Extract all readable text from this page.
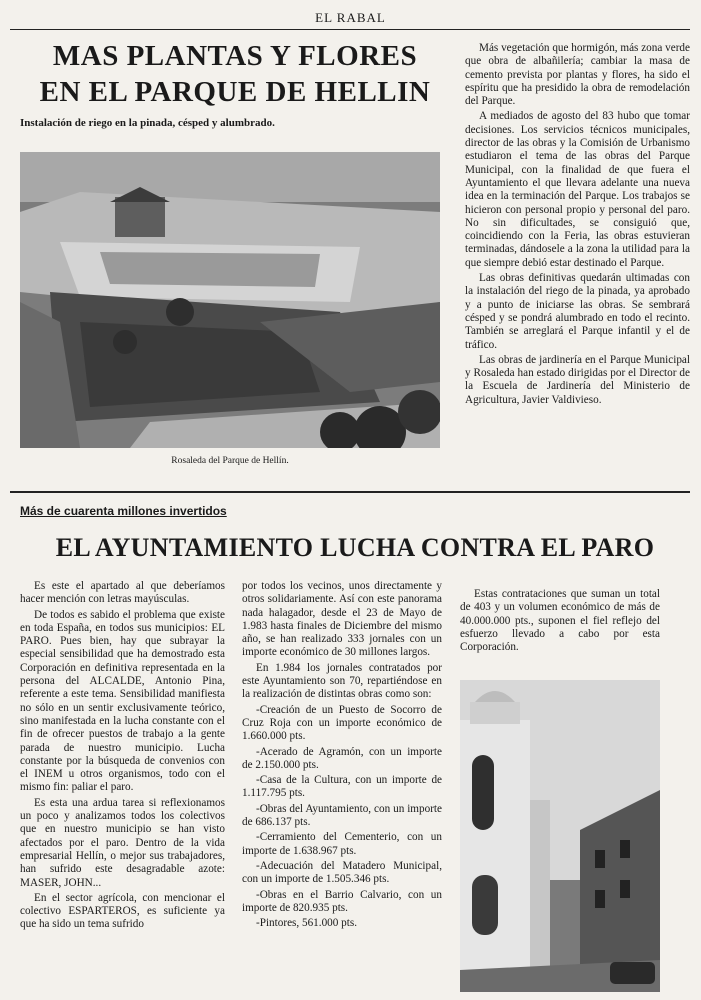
EL RABAL
MAS PLANTAS Y FLORES
EN EL PARQUE DE HELLIN
Instalación de riego en la pinada, césped y alumbrado.
Rosaleda del Parque de Hellín.

Más vegetación que hormigón, más zona verde que obra de albañilería; cambiar la masa de cemento prevista por plantas y flores, ha sido el espíritu que ha presidido la obra de remodelación del Parque.

A mediados de agosto del 83 hubo que tomar decisiones. Los servicios técnicos municipales, director de las obras y la Comisión de Urbanismo estudiaron el tema de las obras del Parque Municipal, con la finalidad de que fuera el Ayuntamiento el que llevara adelante una nueva idea en la terminación del Parque. Los trabajos se hicieron con personal propio y personal del paro. No sin dificultades, se consiguió que, coincidiendo con la Feria, las obras estuvieran terminadas, dándosele a la zona la utilidad para la que siempre debió estar destinado el Parque.

Las obras definitivas quedarán ultimadas con la instalación del riego de la pinada, ya aprobado y a punto de iniciarse las obras. Se sembrará césped y se pondrá alumbrado en todo el recinto. También se arreglará el Parque infantil y el de tráfico.

Las obras de jardinería en el Parque Municipal y Rosaleda han estado dirigidas por el Director de la Escuela de Jardinería del Ministerio de Agricultura, Javier Valdivieso.

Más de cuarenta millones invertidos
EL AYUNTAMIENTO LUCHA CONTRA EL PARO

Es este el apartado al que deberíamos hacer mención con letras mayúsculas.

De todos es sabido el problema que existe en toda España, en todos sus municipios: EL PARO. Pues bien, hay que subrayar la especial sensibilidad que ha demostrado esta Corporación en definitiva representada en la persona del ALCALDE, Antonio Pina, referente a este tema. Sensibilidad manifiesta no sólo en un sentir exclusivamente teórico, sino manifestada en la lucha constante con el fin de ofrecer puestos de trabajo a la gente parada de nuestro municipio. Lucha constante por la búsqueda de convenios con el INEM u otros organismos, todo con el mismo fin: paliar el paro.

Es esta una ardua tarea si reflexionamos un poco y analizamos todos los colectivos que en nuestro municipio se han visto afectados por el paro. Dentro de la vida empresarial Hellín, o mejor sus trabajadores, han sufrido este desagradable azote: MASER, JOHN...

En el sector agrícola, con mencionar el colectivo ESPARTEROS, es suficiente ya que ha sido un tema sufrido

por todos los vecinos, unos directamente y otros solidariamente. Así con este panorama nada halagador, desde el 23 de Mayo de 1.983 hasta finales de Diciembre del mismo año, se han realizado 333 jornales con un importe económico de 30 millones largos.

En 1.984 los jornales contratados por este Ayuntamiento son 70, repartiéndose en la realización de distintas obras como son:

-Creación de un Puesto de Socorro de Cruz Roja con un importe económico de 1.660.000 pts.

-Acerado de Agramón, con un importe de 2.150.000 pts.

-Casa de la Cultura, con un importe de 1.117.795 pts.

-Obras del Ayuntamiento, con un importe de 686.137 pts.

-Cerramiento del Cementerio, con un importe de 1.638.967 pts.

-Adecuación del Matadero Municipal, con un importe de 1.505.346 pts.

-Obras en el Barrio Calvario, con un importe de 820.935 pts.

-Pintores, 561.000 pts.

Estas contrataciones que suman un total de 403 y un volumen económico de más de 40.000.000 pts., suponen el fiel reflejo del esfuerzo llevado a cabo por esta Corporación.
